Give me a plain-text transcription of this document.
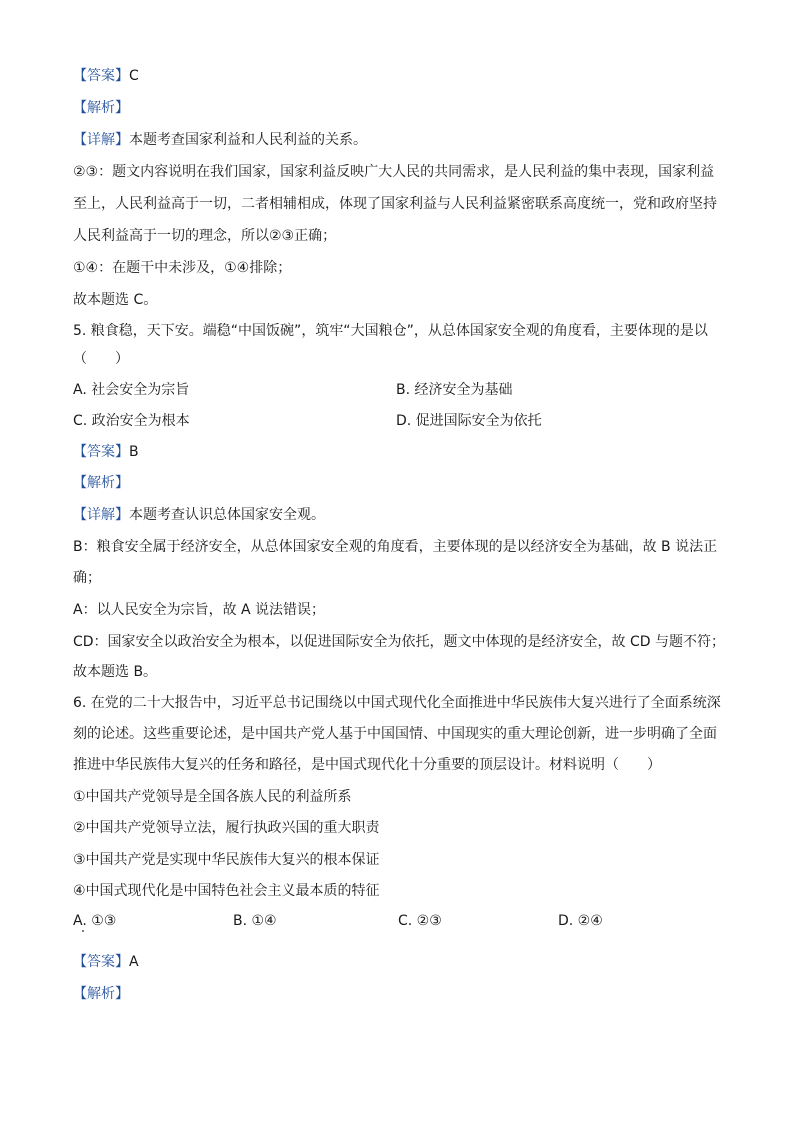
【答案】C
【解析】
【详解】本题考查国家利益和人民利益的关系。
②③：题文内容说明在我们国家，国家利益反映广大人民的共同需求，是人民利益的集中表现，国家利益
至上，人民利益高于一切，二者相辅相成，体现了国家利益与人民利益紧密联系高度统一，党和政府坚持
人民利益高于一切的理念，所以②③正确；
①④：在题干中未涉及，①④排除；
故本题选 C。
5. 粮食稳，天下安。端稳“中国饭碗”，筑牢“大国粮仓”，从总体国家安全观的角度看，主要体现的是以
（　　）
A. 社会安全为宗旨	B. 经济安全为基础
C. 政治安全为根本	D. 促进国际安全为依托
【答案】B
【解析】
【详解】本题考查认识总体国家安全观。
B：粮食安全属于经济安全，从总体国家安全观的角度看，主要体现的是以经济安全为基础，故 B 说法正
确；
A：以人民安全为宗旨，故 A 说法错误；
CD：国家安全以政治安全为根本，以促进国际安全为依托，题文中体现的是经济安全，故 CD 与题不符；
故本题选 B。
6. 在党的二十大报告中，习近平总书记围绕以中国式现代化全面推进中华民族伟大复兴进行了全面系统深
刻的论述。这些重要论述，是中国共产党人基于中国国情、中国现实的重大理论创新，进一步明确了全面
推进中华民族伟大复兴的任务和路径，是中国式现代化十分重要的顶层设计。材料说明（　　）
①中国共产党领导是全国各族人民的利益所系
②中国共产党领导立法，履行执政兴国的重大职责
③中国共产党是实现中华民族伟大复兴的根本保证
④中国式现代化是中国特色社会主义最本质的特征
A. ①③	B. ①④	C. ②③	D. ②④
【答案】A
【解析】
